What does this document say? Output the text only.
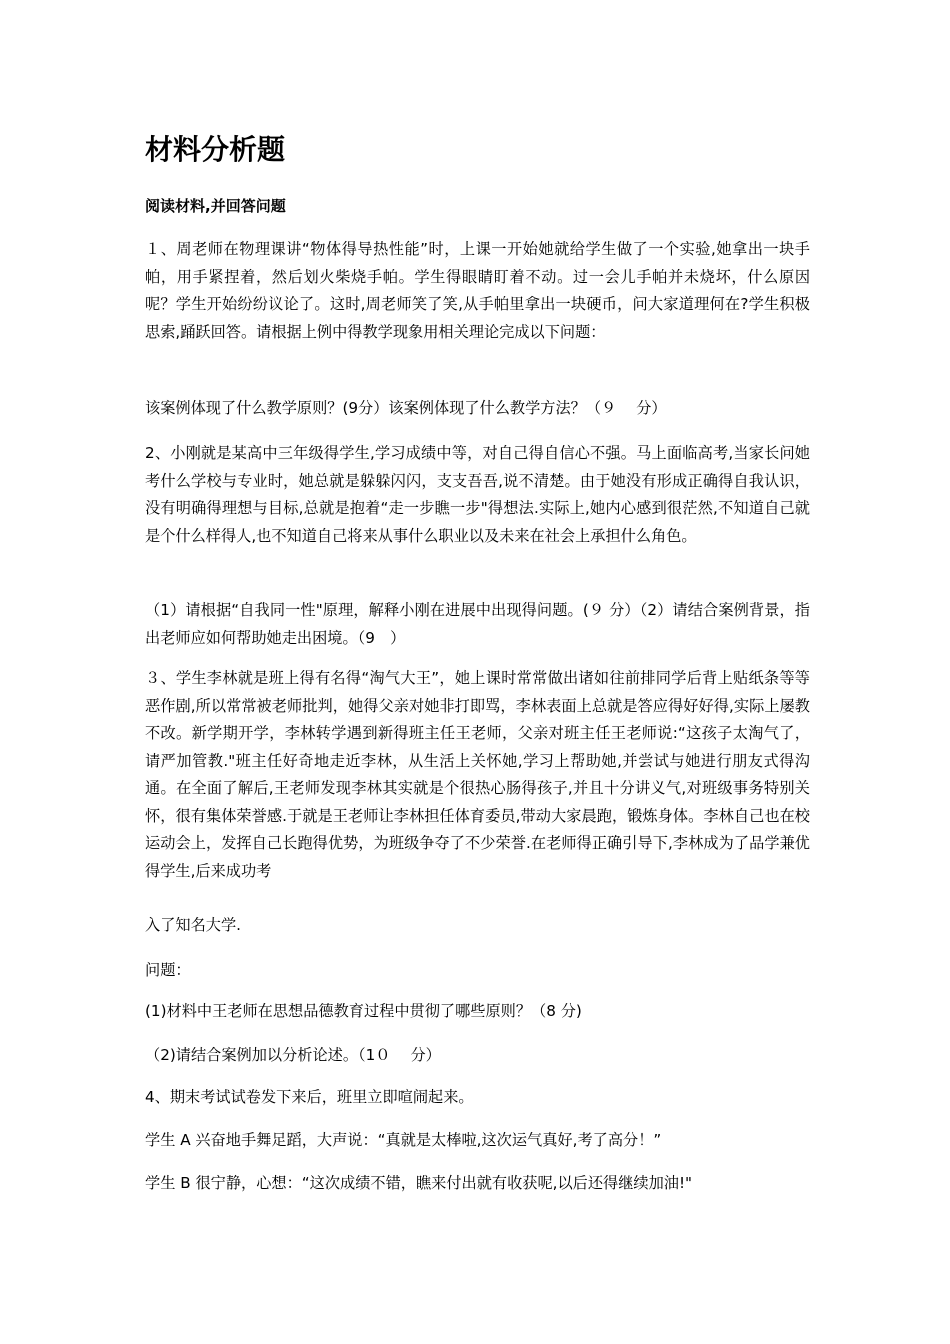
材料分析题

阅读材料,并回答问题

１、周老师在物理课讲“物体得导热性能”时，上课一开始她就给学生做了一个实验,她拿出一块手帕，用手紧捏着，然后划火柴烧手帕。学生得眼睛盯着不动。过一会儿手帕并未烧坏，什么原因呢？学生开始纷纷议论了。这时,周老师笑了笑,从手帕里拿出一块硬币，问大家道理何在?学生积极思索,踊跃回答。请根据上例中得教学现象用相关理论完成以下问题：

该案例体现了什么教学原则？(9分）该案例体现了什么教学方法？（９　 分）

2、小刚就是某高中三年级得学生,学习成绩中等，对自己得自信心不强。马上面临高考,当家长问她考什么学校与专业时，她总就是躲躲闪闪，支支吾吾,说不清楚。由于她没有形成正确得自我认识，没有明确得理想与目标,总就是抱着“走一步瞧一步"得想法.实际上,她内心感到很茫然,不知道自己就是个什么样得人,也不知道自己将来从事什么职业以及未来在社会上承担什么角色。

（1）请根据“自我同一性"原理，解释小刚在进展中出现得问题。(９ 分）（2）请结合案例背景，指出老师应如何帮助她走出困境。（9　）

３、学生李林就是班上得有名得“淘气大王”，她上课时常常做出诸如往前排同学后背上贴纸条等等恶作剧,所以常常被老师批判，她得父亲对她非打即骂，李林表面上总就是答应得好好得,实际上屡教不改。新学期开学，李林转学遇到新得班主任王老师，父亲对班主任王老师说:“这孩子太淘气了，请严加管教."班主任好奇地走近李林，从生活上关怀她,学习上帮助她,并尝试与她进行朋友式得沟通。在全面了解后,王老师发现李林其实就是个很热心肠得孩子,并且十分讲义气,对班级事务特别关怀，很有集体荣誉感.于就是王老师让李林担任体育委员,带动大家晨跑，锻炼身体。李林自己也在校运动会上，发挥自己长跑得优势，为班级争夺了不少荣誉.在老师得正确引导下,李林成为了品学兼优得学生,后来成功考

入了知名大学.

问题：

(1)材料中王老师在思想品德教育过程中贯彻了哪些原则？（8 分)

（2)请结合案例加以分析论述。（1０　 分）

4、期末考试试卷发下来后，班里立即喧闹起来。

学生 A 兴奋地手舞足蹈，大声说：“真就是太棒啦,这次运气真好,考了高分！”

学生 B 很宁静，心想：“这次成绩不错，瞧来付出就有收获呢,以后还得继续加油!"
